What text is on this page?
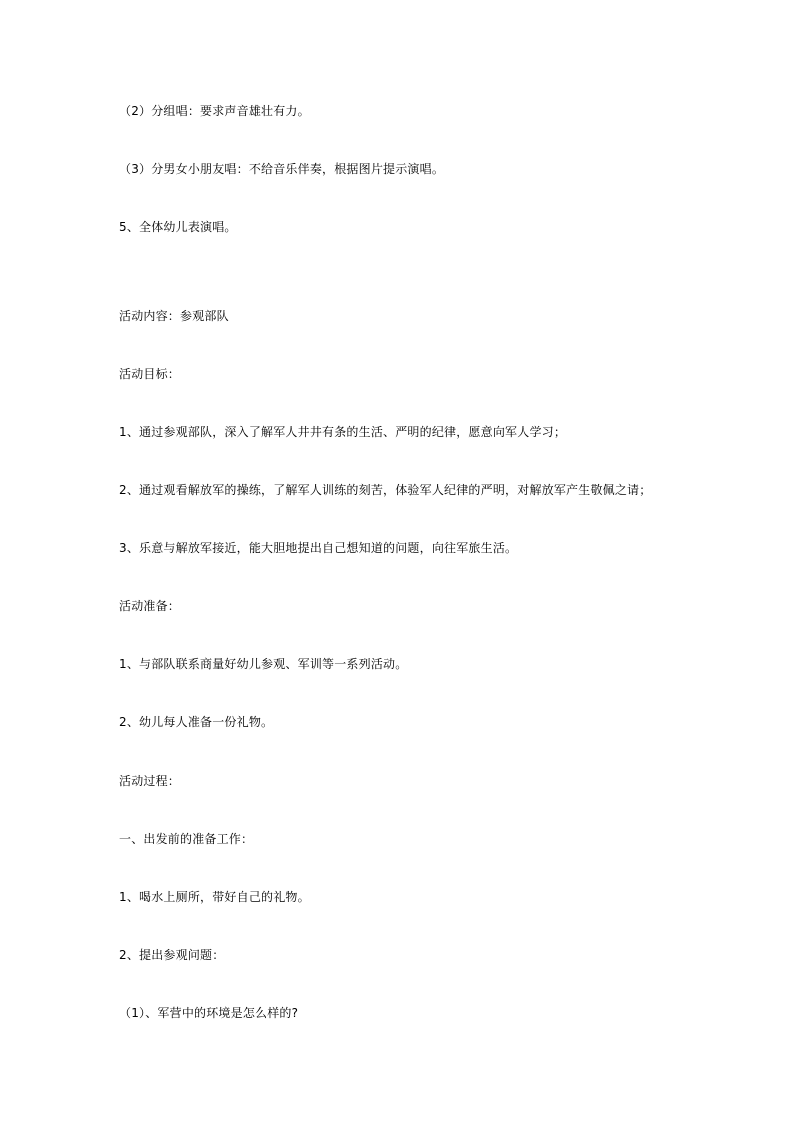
（2）分组唱：要求声音雄壮有力。
（3）分男女小朋友唱：不给音乐伴奏，根据图片提示演唱。
5、全体幼儿表演唱。
活动内容：参观部队
活动目标：
1、通过参观部队，深入了解军人井井有条的生活、严明的纪律，愿意向军人学习；
2、通过观看解放军的操练，了解军人训练的刻苦，体验军人纪律的严明，对解放军产生敬佩之请；
3、乐意与解放军接近，能大胆地提出自己想知道的问题，向往军旅生活。
活动准备：
1、与部队联系商量好幼儿参观、军训等一系列活动。
2、幼儿每人准备一份礼物。
活动过程：
一、出发前的准备工作：
1、喝水上厕所，带好自己的礼物。
2、提出参观问题：
（1）、军营中的环境是怎么样的?
